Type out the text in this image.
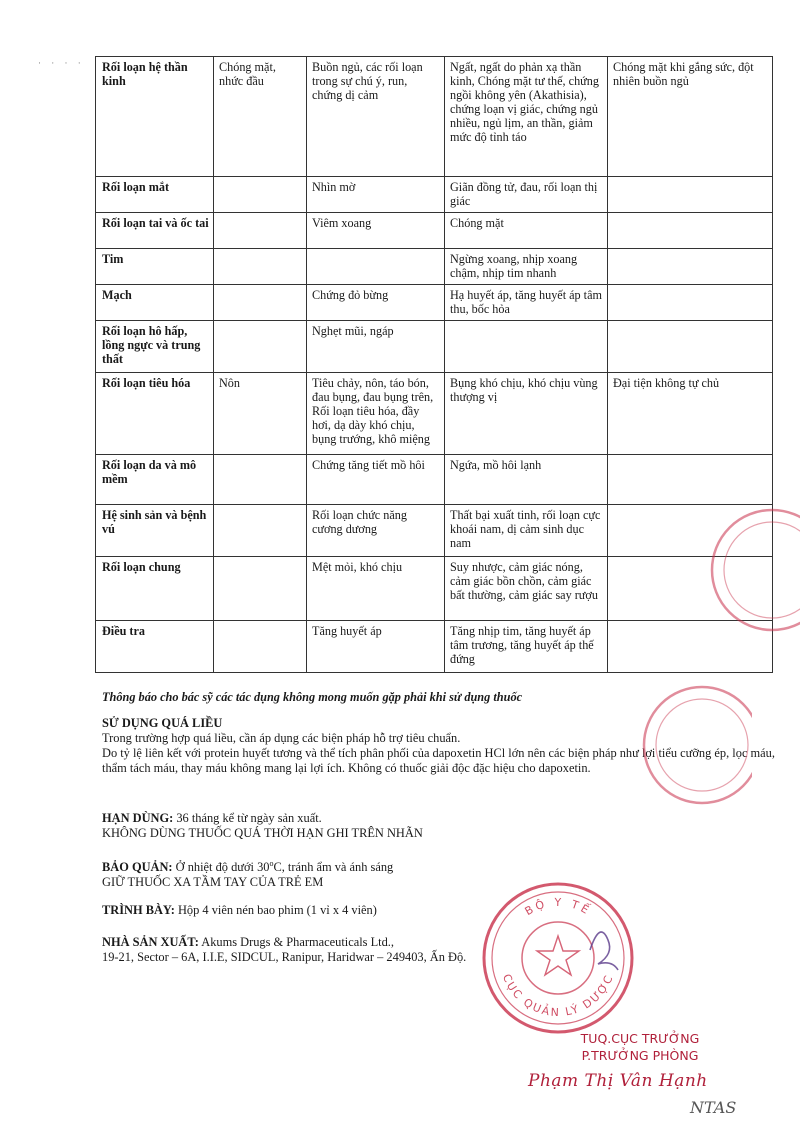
· · · · Rối loạn hệ thần kinh	Chóng mặt, nhức đầu	Buồn ngủ, các rối loạn trong sự chú ý, run, chứng dị cảm	Ngất, ngất do phản xạ thần kinh, Chóng mặt tư thế, chứng ngồi không yên (Akathisia), chứng loạn vị giác, chứng ngủ nhiều, ngủ lịm, an thần, giảm mức độ tỉnh táo	Chóng mặt khi gắng sức, đột nhiên buồn ngủ
Rối loạn mắt		Nhìn mờ	Giãn đồng tử, đau, rối loạn thị giác	
Rối loạn tai và ốc tai		Viêm xoang	Chóng mặt	
Tim			Ngừng xoang, nhịp xoang chậm, nhịp tim nhanh	
Mạch		Chứng đỏ bừng	Hạ huyết áp, tăng huyết áp tâm thu, bốc hỏa	
Rối loạn hô hấp, lồng ngực và trung thất		Nghẹt mũi, ngáp		
Rối loạn tiêu hóa	Nôn	Tiêu chảy, nôn, táo bón, đau bụng, đau bụng trên, Rối loạn tiêu hóa, đầy hơi, dạ dày khó chịu, bụng trướng, khô miệng	Bụng khó chịu, khó chịu vùng thượng vị	Đại tiện không tự chủ
Rối loạn da và mô mềm		Chứng tăng tiết mồ hôi	Ngứa, mồ hôi lạnh	
Hệ sinh sản và bệnh vú		Rối loạn chức năng cương dương	Thất bại xuất tinh, rối loạn cực khoái nam, dị cảm sinh dục nam	
Rối loạn chung		Mệt mỏi, khó chịu	Suy nhược, cảm giác nóng, cảm giác bồn chồn, cảm giác bất thường, cảm giác say rượu	
Điều tra		Tăng huyết áp	Tăng nhịp tim, tăng huyết áp tâm trương, tăng huyết áp thế đứng	
Thông báo cho bác sỹ các tác dụng không mong muốn gặp phải khi sử dụng thuốc
SỬ DỤNG QUÁ LIỀU
Trong trường hợp quá liều, cần áp dụng các biện pháp hỗ trợ tiêu chuẩn.
Do tỷ lệ liên kết với protein huyết tương và thể tích phân phối của dapoxetin HCl lớn nên các biện pháp như lợi tiểu cưỡng ép, lọc máu, thẩm tách máu, thay máu không mang lại lợi ích. Không có thuốc giải độc đặc hiệu cho dapoxetin.
HẠN DÙNG: 36 tháng kể từ ngày sản xuất.
KHÔNG DÙNG THUỐC QUÁ THỜI HẠN GHI TRÊN NHÃN
BẢO QUẢN: Ở nhiệt độ dưới 30$^o$C, tránh ẩm và ánh sáng
GIỮ THUỐC XA TẦM TAY CỦA TRẺ EM
TRÌNH BÀY: Hộp 4 viên nén bao phim (1 vỉ x 4 viên)
NHÀ SẢN XUẤT: Akums Drugs & Pharmaceuticals Ltd.,
19-21, Sector – 6A, I.I.E, SIDCUL, Ranipur, Haridwar – 249403, Ấn Độ.
BỘ Y TẾ
CỤC QUẢN LÝ DƯỢC
TUQ.CỤC TRƯỞNG
P.TRƯỞNG PHÒNG
Phạm Thị Vân Hạnh
NTAS
